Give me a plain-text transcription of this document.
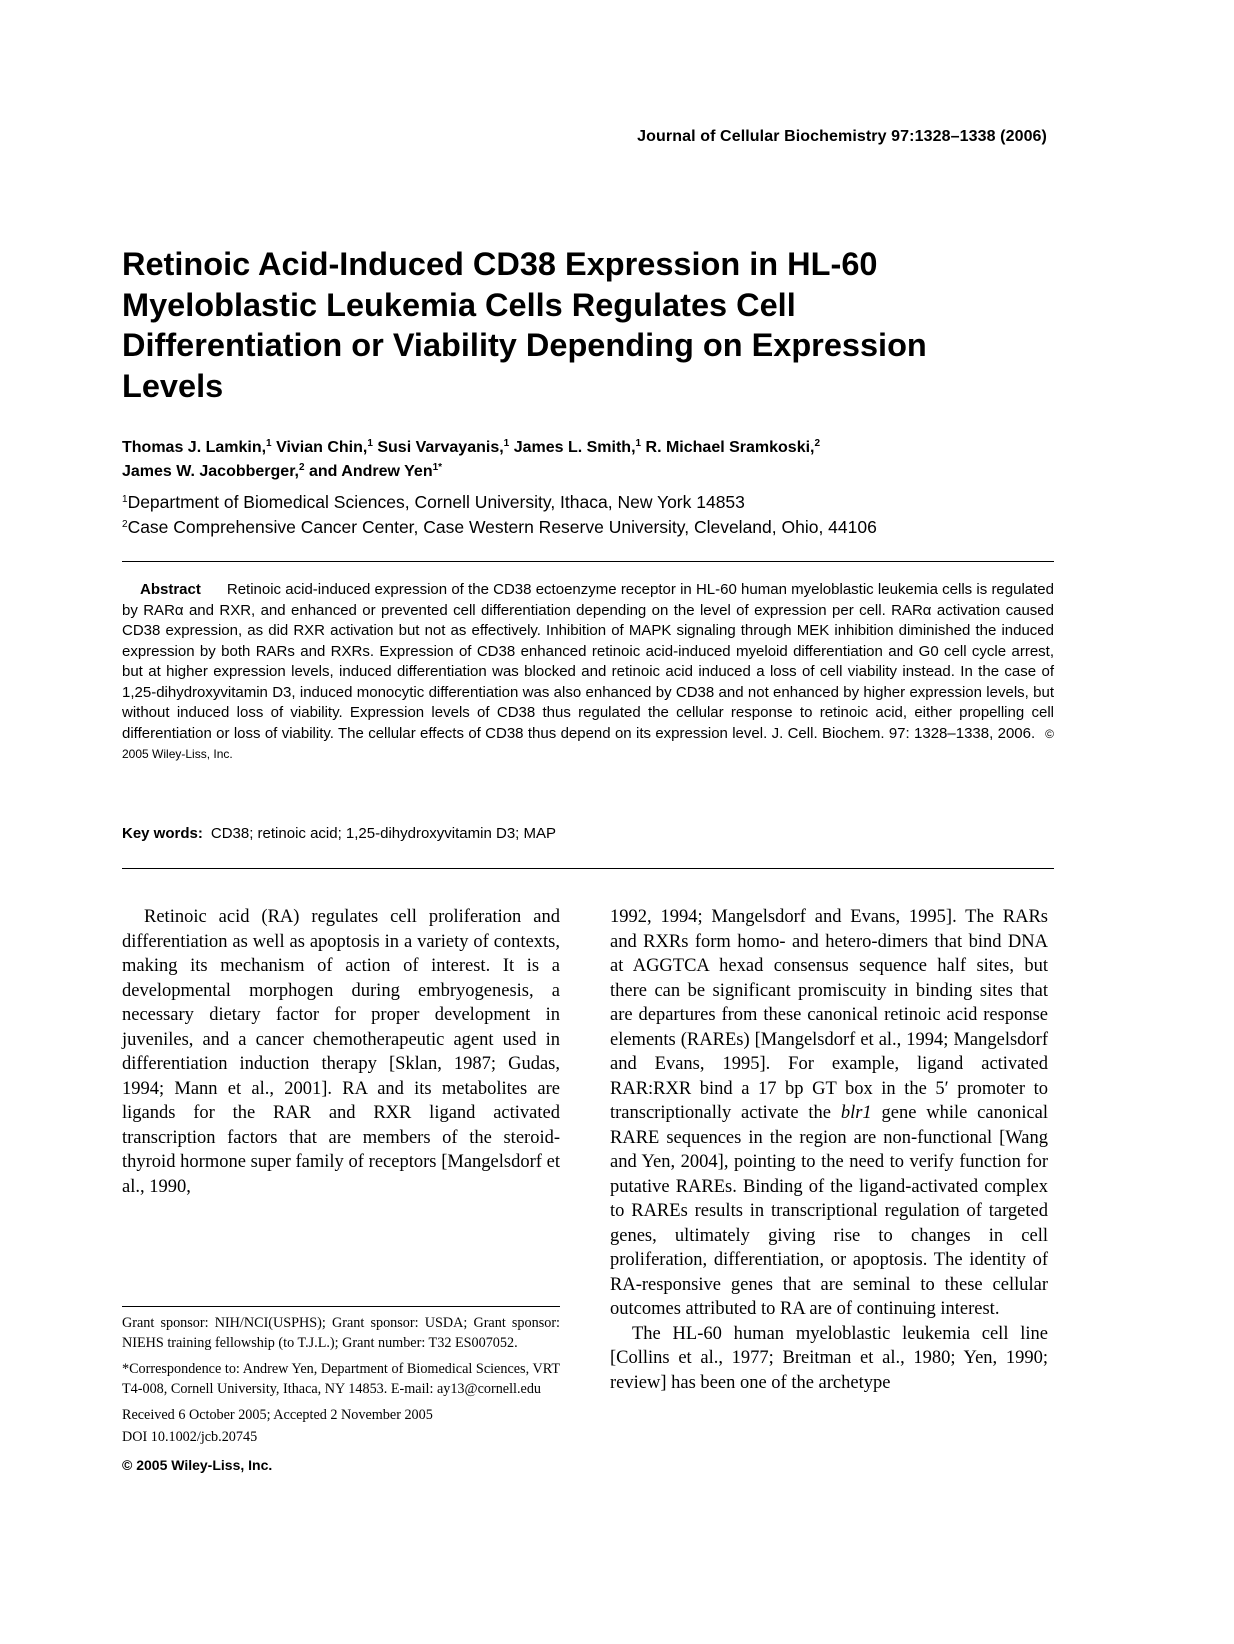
Journal of Cellular Biochemistry 97:1328–1338 (2006)
Retinoic Acid-Induced CD38 Expression in HL-60 Myeloblastic Leukemia Cells Regulates Cell Differentiation or Viability Depending on Expression Levels
Thomas J. Lamkin,$^1$ Vivian Chin,$^1$ Susi Varvayanis,$^1$ James L. Smith,$^1$ R. Michael Sramkoski,$^2$
James W. Jacobberger,$^2$ and Andrew Yen$^{1*}$
$^1$Department of Biomedical Sciences, Cornell University, Ithaca, New York 14853
$^2$Case Comprehensive Cancer Center, Case Western Reserve University, Cleveland, Ohio, 44106
Abstract Retinoic acid-induced expression of the CD38 ectoenzyme receptor in HL-60 human myeloblastic leukemia cells is regulated by RARα and RXR, and enhanced or prevented cell differentiation depending on the level of expression per cell. RARα activation caused CD38 expression, as did RXR activation but not as effectively. Inhibition of MAPK signaling through MEK inhibition diminished the induced expression by both RARs and RXRs. Expression of CD38 enhanced retinoic acid-induced myeloid differentiation and G0 cell cycle arrest, but at higher expression levels, induced differentiation was blocked and retinoic acid induced a loss of cell viability instead. In the case of 1,25-dihydroxyvitamin D3, induced monocytic differentiation was also enhanced by CD38 and not enhanced by higher expression levels, but without induced loss of viability. Expression levels of CD38 thus regulated the cellular response to retinoic acid, either propelling cell differentiation or loss of viability. The cellular effects of CD38 thus depend on its expression level. J. Cell. Biochem. 97: 1328–1338, 2006. © 2005 Wiley-Liss, Inc.
Key words: CD38; retinoic acid; 1,25-dihydroxyvitamin D3; MAP

Retinoic acid (RA) regulates cell proliferation and differentiation as well as apoptosis in a variety of contexts, making its mechanism of action of interest. It is a developmental morphogen during embryogenesis, a necessary dietary factor for proper development in juveniles, and a cancer chemotherapeutic agent used in differentiation induction therapy [Sklan, 1987; Gudas, 1994; Mann et al., 2001]. RA and its metabolites are ligands for the RAR and RXR ligand activated transcription factors that are members of the steroid-thyroid hormone super family of receptors [Mangelsdorf et al., 1990,

1992, 1994; Mangelsdorf and Evans, 1995]. The RARs and RXRs form homo- and hetero-dimers that bind DNA at AGGTCA hexad consensus sequence half sites, but there can be significant promiscuity in binding sites that are departures from these canonical retinoic acid response elements (RAREs) [Mangelsdorf et al., 1994; Mangelsdorf and Evans, 1995]. For example, ligand activated RAR:RXR bind a 17 bp GT box in the 5′ promoter to transcriptionally activate the blr1 gene while canonical RARE sequences in the region are non-functional [Wang and Yen, 2004], pointing to the need to verify function for putative RAREs. Binding of the ligand-activated complex to RAREs results in transcriptional regulation of targeted genes, ultimately giving rise to changes in cell proliferation, differentiation, or apoptosis. The identity of RA-responsive genes that are seminal to these cellular outcomes attributed to RA are of continuing interest.

The HL-60 human myeloblastic leukemia cell line [Collins et al., 1977; Breitman et al., 1980; Yen, 1990; review] has been one of the archetype

Grant sponsor: NIH/NCI(USPHS); Grant sponsor: USDA; Grant sponsor: NIEHS training fellowship (to T.J.L.); Grant number: T32 ES007052.

*Correspondence to: Andrew Yen, Department of Biomedical Sciences, VRT T4-008, Cornell University, Ithaca, NY 14853. E-mail: ay13@cornell.edu

Received 6 October 2005; Accepted 2 November 2005

DOI 10.1002/jcb.20745

© 2005 Wiley-Liss, Inc.
